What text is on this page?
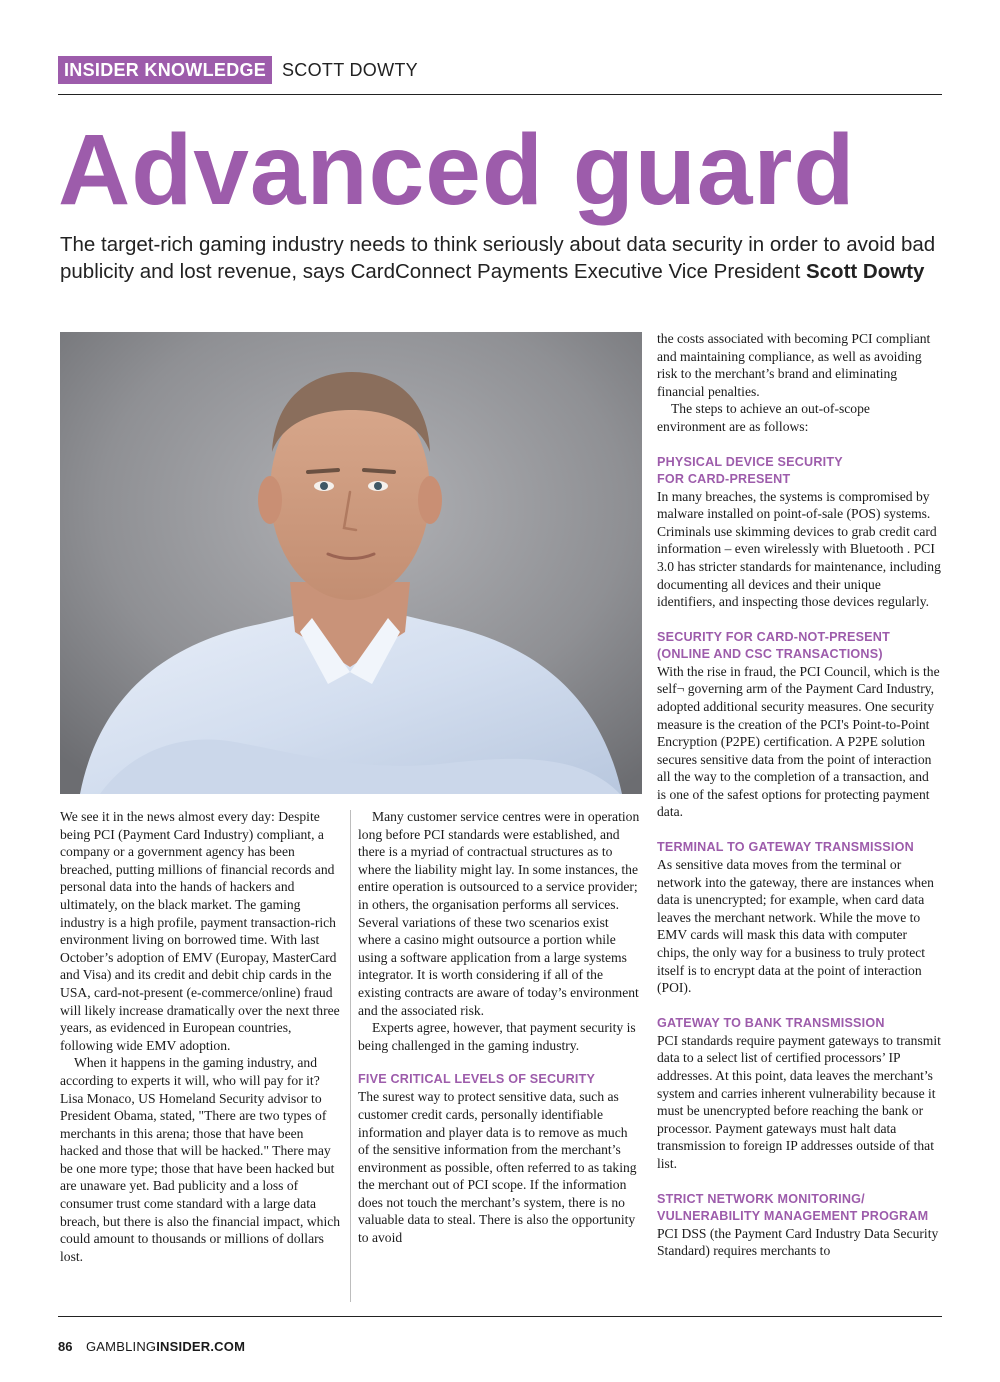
INSIDER KNOWLEDGE SCOTT DOWTY
Advanced guard

The target-rich gaming industry needs to think seriously about data security in order to avoid bad publicity and lost revenue, says CardConnect Payments Executive Vice President Scott Dowty

We see it in the news almost every day: Despite being PCI (Payment Card Industry) compliant, a company or a government agency has been breached, putting millions of financial records and personal data into the hands of hackers and ultimately, on the black market. The gaming industry is a high profile, payment transaction-rich environment living on borrowed time. With last October’s adoption of EMV (Europay, MasterCard and Visa) and its credit and debit chip cards in the USA, card-not-present (e-commerce/online) fraud will likely increase dramatically over the next three years, as evidenced in European countries, following wide EMV adoption.

When it happens in the gaming industry, and according to experts it will, who will pay for it? Lisa Monaco, US Homeland Security advisor to President Obama, stated, "There are two types of merchants in this arena; those that have been hacked and those that will be hacked." There may be one more type; those that have been hacked but are unaware yet. Bad publicity and a loss of consumer trust come standard with a large data breach, but there is also the financial impact, which could amount to thousands or millions of dollars lost.

Many customer service centres were in operation long before PCI standards were established, and there is a myriad of contractual structures as to where the liability might lay. In some instances, the entire operation is outsourced to a service provider; in others, the organisation performs all services. Several variations of these two scenarios exist where a casino might outsource a portion while using a software application from a large systems integrator. It is worth considering if all of the existing contracts are aware of today’s environment and the associated risk.

Experts agree, however, that payment security is being challenged in the gaming industry.

FIVE CRITICAL LEVELS OF SECURITY

The surest way to protect sensitive data, such as customer credit cards, personally identifiable information and player data is to remove as much of the sensitive information from the merchant’s environment as possible, often referred to as taking the merchant out of PCI scope. If the information does not touch the merchant’s system, there is no valuable data to steal. There is also the opportunity to avoid

the costs associated with becoming PCI compliant and maintaining compliance, as well as avoiding risk to the merchant’s brand and eliminating financial penalties.

The steps to achieve an out-of-scope environment are as follows:

PHYSICAL DEVICE SECURITY
FOR CARD-PRESENT

In many breaches, the systems is compromised by malware installed on point-of-sale (POS) systems. Criminals use skimming devices to grab credit card information – even wirelessly with Bluetooth . PCI 3.0 has stricter standards for maintenance, including documenting all devices and their unique identifiers, and inspecting those devices regularly.

SECURITY FOR CARD-NOT-PRESENT
(ONLINE AND CSC TRANSACTIONS)

With the rise in fraud, the PCI Council, which is the self¬ governing arm of the Payment Card Industry, adopted additional security measures. One security measure is the creation of the PCI's Point-to-Point Encryption (P2PE) certification. A P2PE solution secures sensitive data from the point of interaction all the way to the completion of a transaction, and is one of the safest options for protecting payment data.

TERMINAL TO GATEWAY TRANSMISSION

As sensitive data moves from the terminal or network into the gateway, there are instances when data is unencrypted; for example, when card data leaves the merchant network. While the move to EMV cards will mask this data with computer chips, the only way for a business to truly protect itself is to encrypt data at the point of interaction (POI).

GATEWAY TO BANK TRANSMISSION

PCI standards require payment gateways to transmit data to a select list of certified processors’ IP addresses. At this point, data leaves the merchant’s system and carries inherent vulnerability because it must be unencrypted before reaching the bank or processor. Payment gateways must halt data transmission to foreign IP addresses outside of that list.

STRICT NETWORK MONITORING/
VULNERABILITY MANAGEMENT PROGRAM

PCI DSS (the Payment Card Industry Data Security Standard) requires merchants to

86 GAMBLINGINSIDER.COM
